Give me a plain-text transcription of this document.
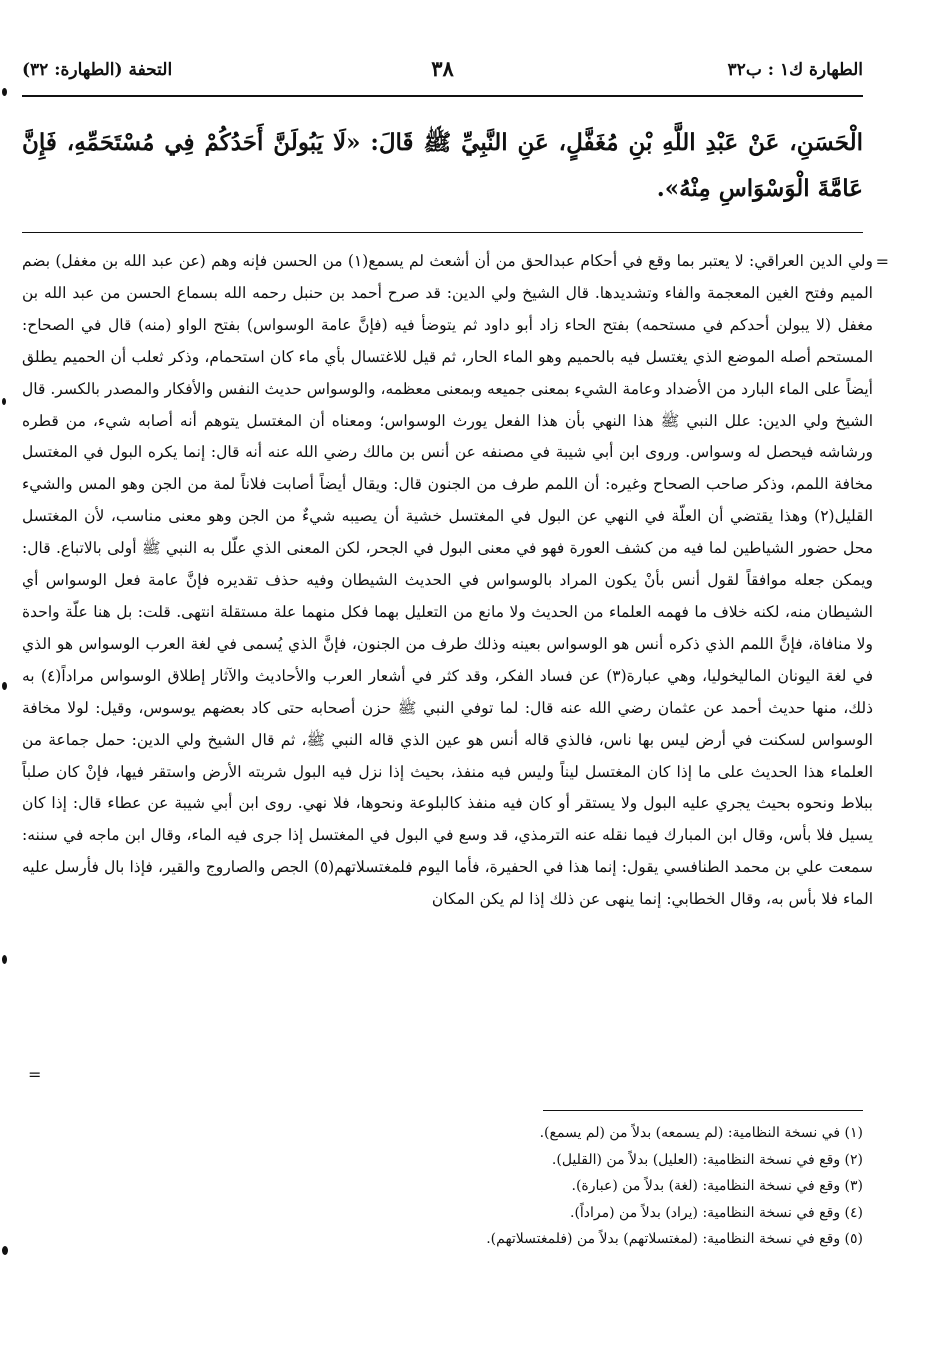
الطهارة ك١ : ب٣٢
٣٨
التحفة (الطهارة: ٣٢)
الْحَسَنِ، عَنْ عَبْدِ اللَّهِ بْنِ مُغَفَّلٍ، عَنِ النَّبِيِّ ﷺ قَالَ: «لَا يَبُولَنَّ أَحَدُكُمْ فِي مُسْتَحَمِّهِ، فَإِنَّ عَامَّةَ الْوَسْوَاسِ مِنْهُ».
=

ولي الدين العراقي: لا يعتبر بما وقع في أحكام عبدالحق من أن أشعث لم يسمع(١) من الحسن فإنه وهم (عن عبد الله بن مغفل) بضم الميم وفتح الغين المعجمة والفاء وتشديدها. قال الشيخ ولي الدين: قد صرح أحمد بن حنبل رحمه الله بسماع الحسن من عبد الله بن مغفل (لا يبولن أحدكم في مستحمه) بفتح الحاء زاد أبو داود ثم يتوضأ فيه (فإنَّ عامة الوسواس) بفتح الواو (منه) قال في الصحاح: المستحم أصله الموضع الذي يغتسل فيه بالحميم وهو الماء الحار، ثم قيل للاغتسال بأي ماء كان استحمام، وذكر ثعلب أن الحميم يطلق أيضاً على الماء البارد من الأضداد وعامة الشيء بمعنى جميعه وبمعنى معظمه، والوسواس حديث النفس والأفكار والمصدر بالكسر. قال الشيخ ولي الدين: علل النبي ﷺ هذا النهي بأن هذا الفعل يورث الوسواس؛ ومعناه أن المغتسل يتوهم أنه أصابه شيء، من قطره ورشاشه فيحصل له وسواس. وروى ابن أبي شيبة في مصنفه عن أنس بن مالك رضي الله عنه أنه قال: إنما يكره البول في المغتسل مخافة اللمم، وذكر صاحب الصحاح وغيره: أن اللمم طرف من الجنون قال: ويقال أيضاً أصابت فلاناً لمة من الجن وهو المس والشيء القليل(٢) وهذا يقتضي أن العلّة في النهي عن البول في المغتسل خشية أن يصيبه شيءٌ من الجن وهو معنى مناسب، لأن المغتسل محل حضور الشياطين لما فيه من كشف العورة فهو في معنى البول في الجحر، لكن المعنى الذي علّل به النبي ﷺ أولى بالاتباع. قال: ويمكن جعله موافقاً لقول أنس بأنْ يكون المراد بالوسواس في الحديث الشيطان وفيه حذف تقديره فإنَّ عامة فعل الوسواس أي الشيطان منه، لكنه خلاف ما فهمه العلماء من الحديث ولا مانع من التعليل بهما فكل منهما علة مستقلة انتهى. قلت: بل هنا علّة واحدة ولا منافاة، فإنَّ اللمم الذي ذكره أنس هو الوسواس بعينه وذلك طرف من الجنون، فإنَّ الذي يُسمى في لغة العرب الوسواس هو الذي في لغة اليونان الماليخوليا، وهي عبارة(٣) عن فساد الفكر، وقد كثر في أشعار العرب والأحاديث والآثار إطلاق الوسواس مراداً(٤) به ذلك، منها حديث أحمد عن عثمان رضي الله عنه قال: لما توفي النبي ﷺ حزن أصحابه حتى كاد بعضهم يوسوس، وقيل: لولا مخافة الوسواس لسكنت في أرض ليس بها ناس، فالذي قاله أنس هو عين الذي قاله النبي ﷺ، ثم قال الشيخ ولي الدين: حمل جماعة من العلماء هذا الحديث على ما إذا كان المغتسل ليناً وليس فيه منفذ، بحيث إذا نزل فيه البول شربته الأرض واستقر فيها، فإنْ كان صلباً ببلاط ونحوه بحيث يجري عليه البول ولا يستقر أو كان فيه منفذ كالبلوعة ونحوها، فلا نهي. روى ابن أبي شيبة عن عطاء قال: إذا كان يسيل فلا بأس، وقال ابن المبارك فيما نقله عنه الترمذي، قد وسع في البول في المغتسل إذا جرى فيه الماء، وقال ابن ماجه في سننه: سمعت علي بن محمد الطنافسي يقول: إنما هذا في الحفيرة، فأما اليوم فلمغتسلاتهم(٥) الجص والصاروج والقير، فإذا بال فأرسل عليه الماء فلا بأس به، وقال الخطابي: إنما ينهى عن ذلك إذا لم يكن المكان

(١) في نسخة النظامية: (لم يسمعه) بدلاً من (لم يسمع).
(٢) وقع في نسخة النظامية: (العليل) بدلاً من (القليل).
(٣) وقع في نسخة النظامية: (لغة) بدلاً من (عبارة).
(٤) وقع في نسخة النظامية: (يراد) بدلاً من (مراداً).
(٥) وقع في نسخة النظامية: (لمغتسلاتهم) بدلاً من (فلمغتسلاتهم).
=
